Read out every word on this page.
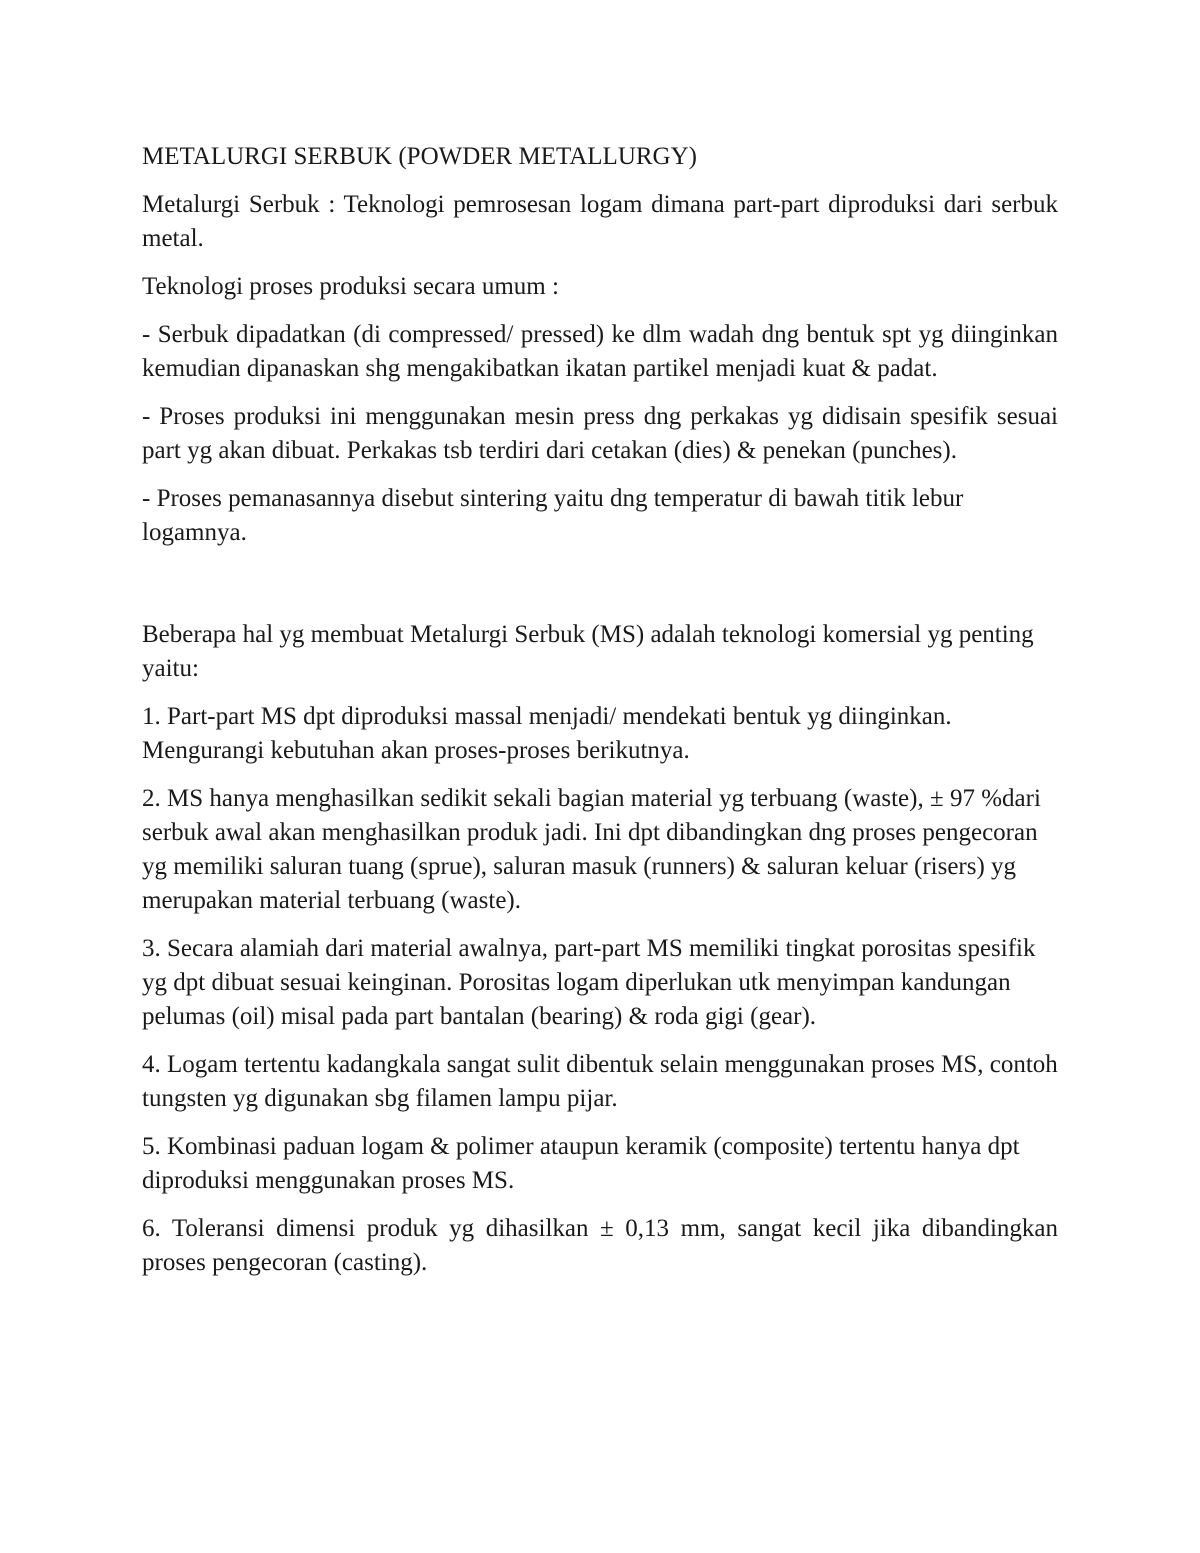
METALURGI SERBUK (POWDER METALLURGY)

Metalurgi Serbuk : Teknologi pemrosesan logam dimana part-part diproduksi dari serbuk metal.

Teknologi proses produksi secara umum :

- Serbuk dipadatkan (di compressed/ pressed) ke dlm wadah dng bentuk spt yg diinginkan kemudian dipanaskan shg mengakibatkan ikatan partikel menjadi kuat & padat.

- Proses produksi ini menggunakan mesin press dng perkakas yg didisain spesifik sesuai part yg akan dibuat. Perkakas tsb terdiri dari cetakan (dies) & penekan (punches).

- Proses pemanasannya disebut sintering yaitu dng temperatur di bawah titik lebur logamnya.

Beberapa hal yg membuat Metalurgi Serbuk (MS) adalah teknologi komersial yg penting yaitu:

1. Part-part MS dpt diproduksi massal menjadi/ mendekati bentuk yg diinginkan. Mengurangi kebutuhan akan proses-proses berikutnya.

2. MS hanya menghasilkan sedikit sekali bagian material yg terbuang (waste), ± 97 %dari serbuk awal akan menghasilkan produk jadi. Ini dpt dibandingkan dng proses pengecoran yg memiliki saluran tuang (sprue), saluran masuk (runners) & saluran keluar (risers) yg merupakan material terbuang (waste).

3. Secara alamiah dari material awalnya, part-part MS memiliki tingkat porositas spesifik yg dpt dibuat sesuai keinginan. Porositas logam diperlukan utk menyimpan kandungan pelumas (oil) misal pada part bantalan (bearing) & roda gigi (gear).

4. Logam tertentu kadangkala sangat sulit dibentuk selain menggunakan proses MS, contoh tungsten yg digunakan sbg filamen lampu pijar.

5. Kombinasi paduan logam & polimer ataupun keramik (composite) tertentu hanya dpt diproduksi menggunakan proses MS.

6. Toleransi dimensi produk yg dihasilkan ± 0,13 mm, sangat kecil jika dibandingkan proses pengecoran (casting).
